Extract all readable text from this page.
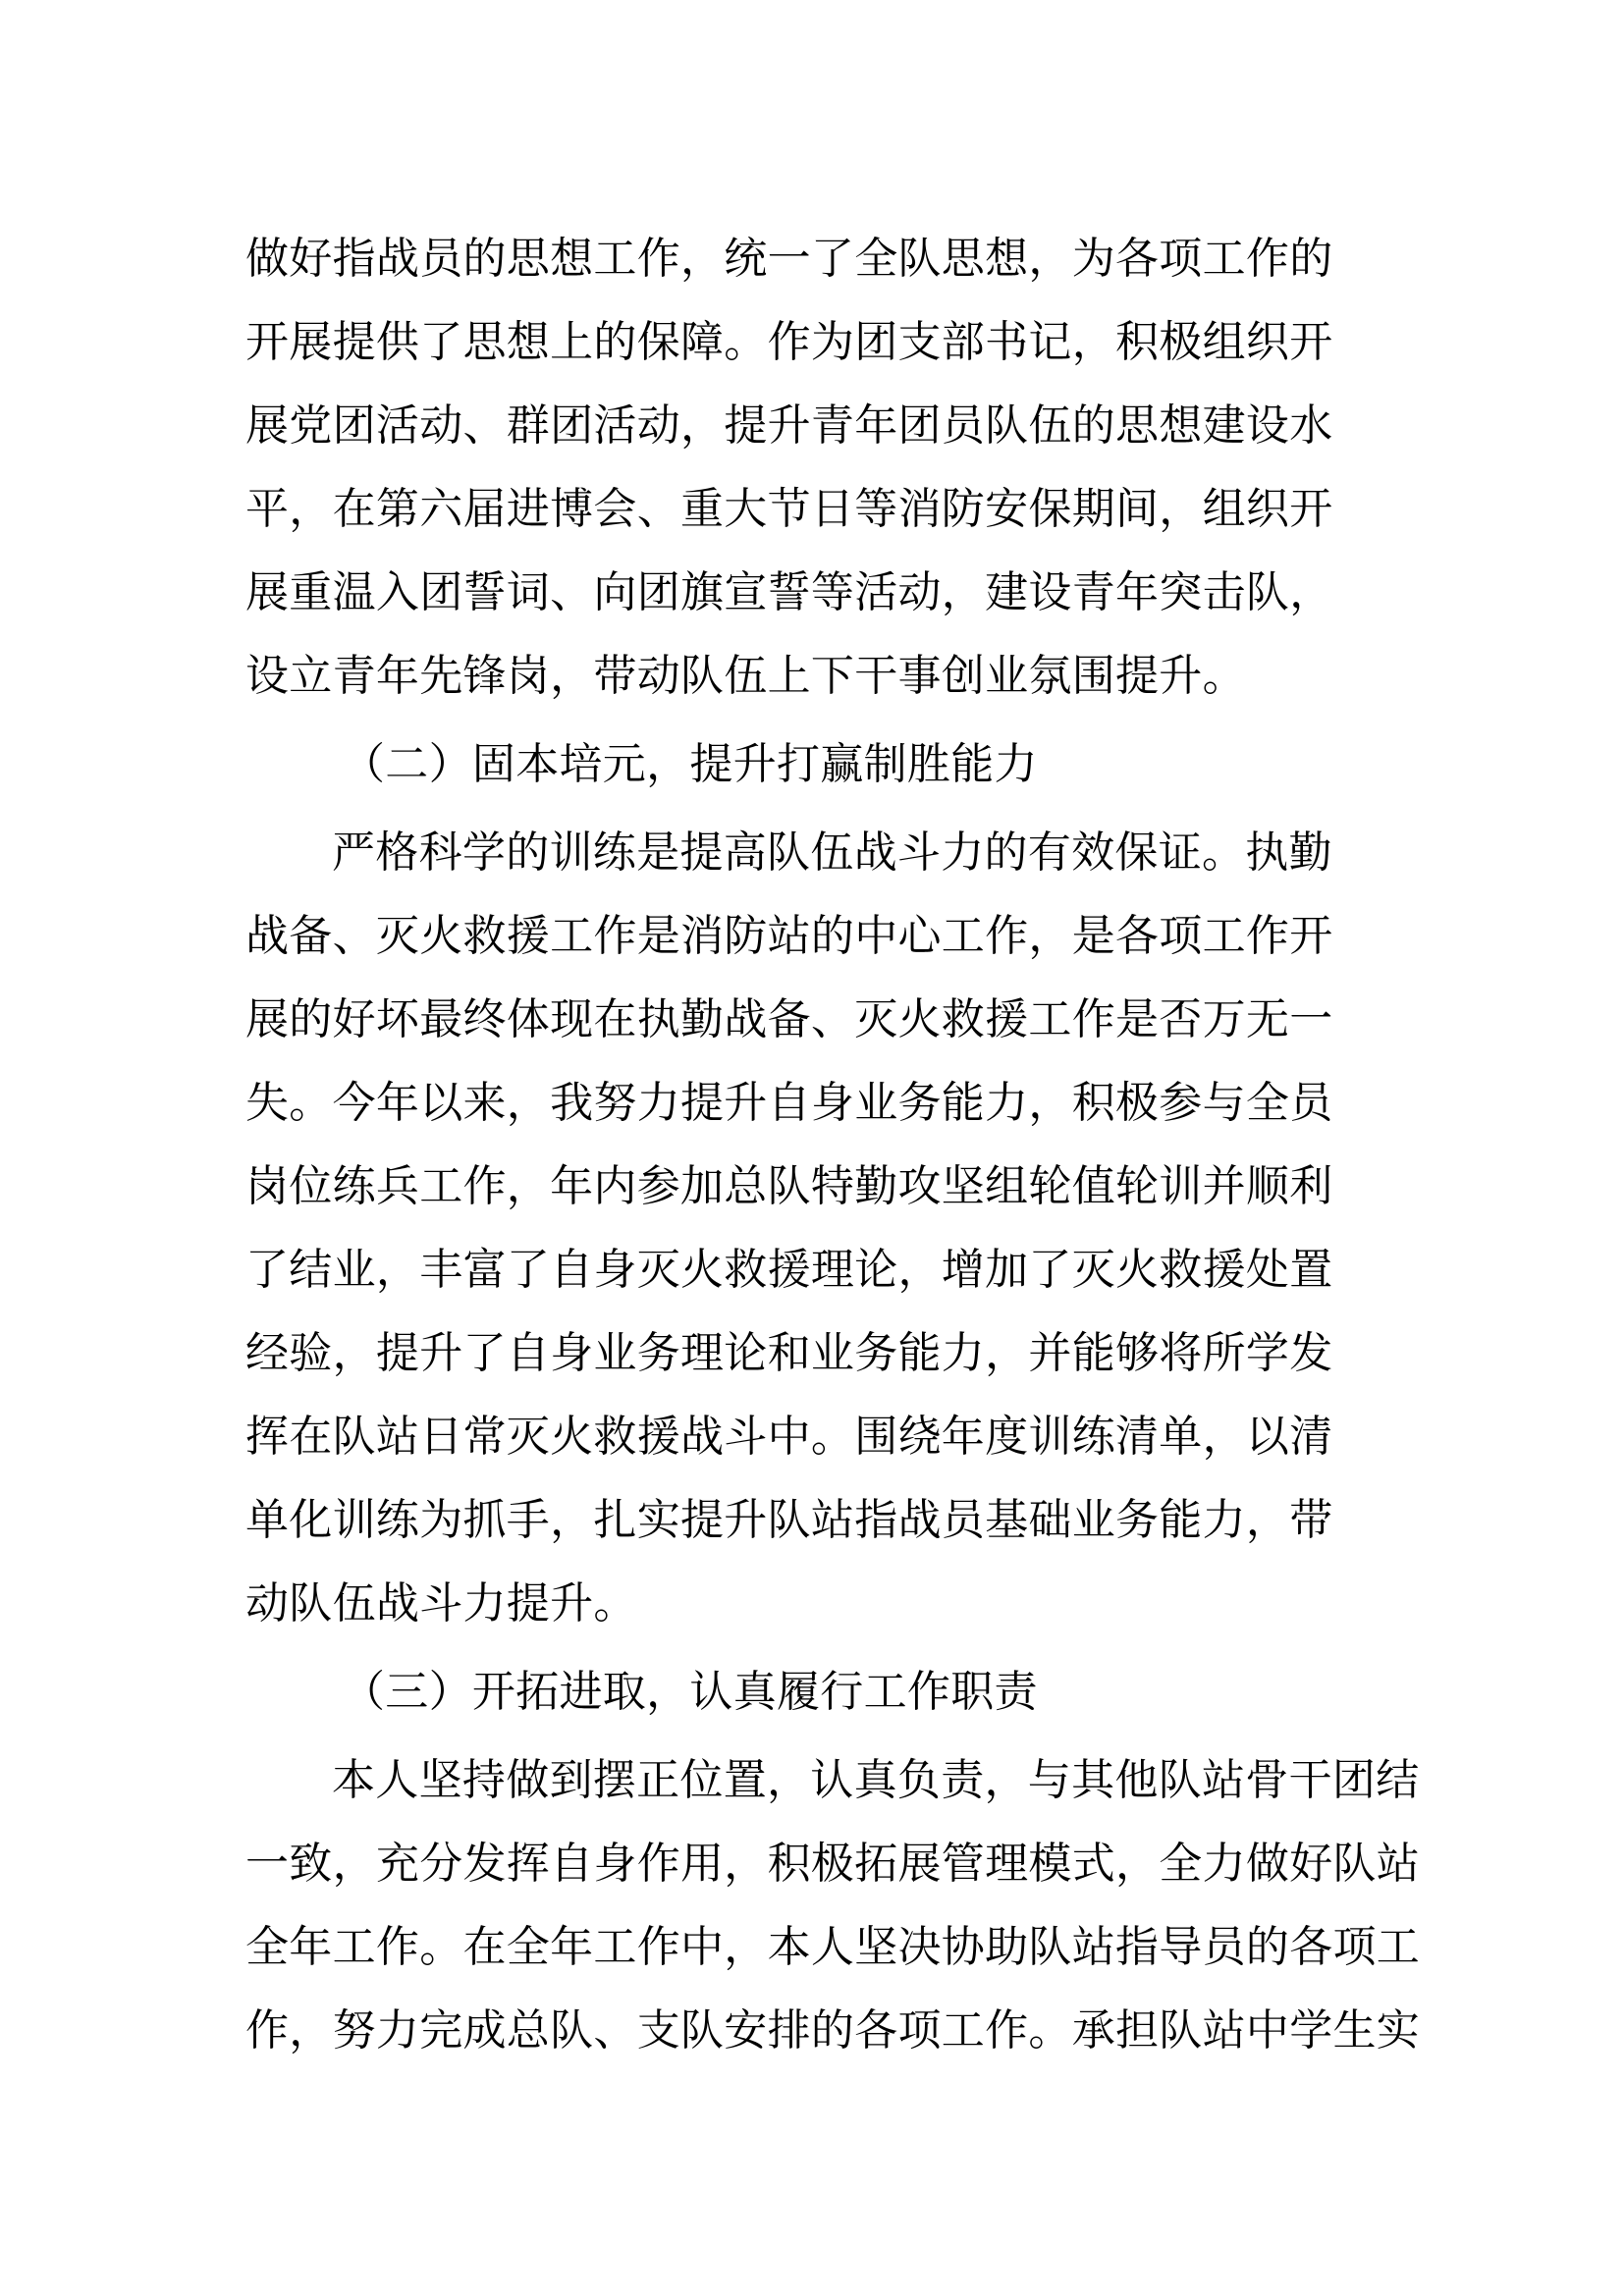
做好指战员的思想工作，统一了全队思想，为各项工作的
开展提供了思想上的保障。作为团支部书记，积极组织开
展党团活动、群团活动，提升青年团员队伍的思想建设水
平，在第六届进博会、重大节日等消防安保期间，组织开
展重温入团誓词、向团旗宣誓等活动，建设青年突击队，
设立青年先锋岗，带动队伍上下干事创业氛围提升。
（二）固本培元，提升打赢制胜能力
严格科学的训练是提高队伍战斗力的有效保证。执勤
战备、灭火救援工作是消防站的中心工作，是各项工作开
展的好坏最终体现在执勤战备、灭火救援工作是否万无一
失。今年以来，我努力提升自身业务能力，积极参与全员
岗位练兵工作，年内参加总队特勤攻坚组轮值轮训并顺利
了结业，丰富了自身灭火救援理论，增加了灭火救援处置
经验，提升了自身业务理论和业务能力，并能够将所学发
挥在队站日常灭火救援战斗中。围绕年度训练清单，以清
单化训练为抓手，扎实提升队站指战员基础业务能力，带
动队伍战斗力提升。
（三）开拓进取，认真履行工作职责
本人坚持做到摆正位置，认真负责，与其他队站骨干团结
一致，充分发挥自身作用，积极拓展管理模式，全力做好队站
全年工作。在全年工作中，本人坚决协助队站指导员的各项工
作，努力完成总队、支队安排的各项工作。承担队站中学生实
